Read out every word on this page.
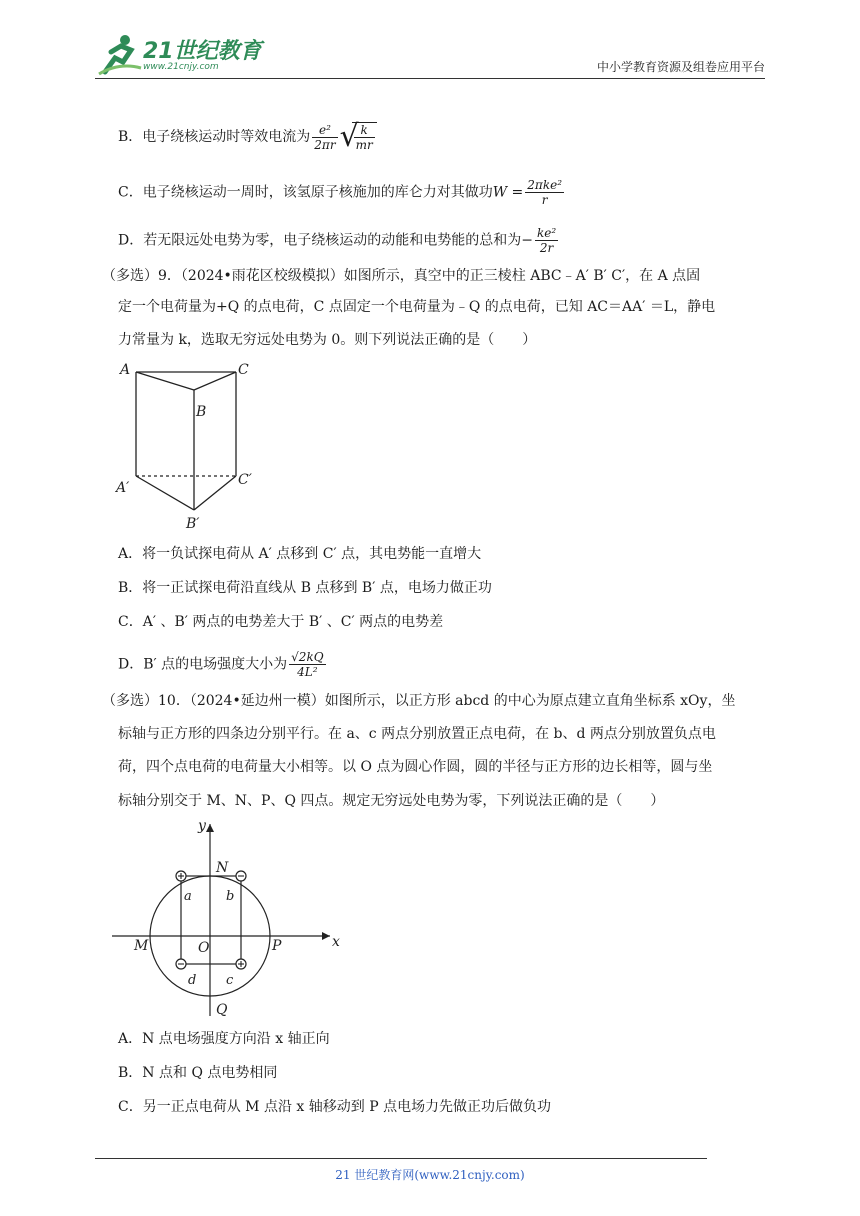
21世纪教育
www.21cnjy.com	中小学教育资源及组卷应用平台
B．电子绕核运动时等效电流为 $\frac{\text{e²}}{2\pi r}$ √
$\frac{k}{mr}$
C．电子绕核运动一周时，该氢原子核施加的库仑力对其做功$W = \frac{\text{2πke²}}{r}$
D．若无限远处电势为零，电子绕核运动的动能和电势能的总和为− $\frac{\text{ke²}}{2r}$
（多选）9．（2024•雨花区校级模拟）如图所示，真空中的正三棱柱 ABC﹣A′ B′ C′，在 A 点固
定一个电荷量为+Q 的点电荷，C 点固定一个电荷量为﹣Q 的点电荷，已知 AC＝AA′ ＝L，静电
力常量为 k，选取无穷远处电势为 0。则下列说法正确的是（　　）
A	C
B
A′	C′
B′
A．将一负试探电荷从 A′ 点移到 C′ 点，其电势能一直增大
B．将一正试探电荷沿直线从 B 点移到 B′ 点，电场力做正功
C．A′ 、B′ 两点的电势差大于 B′ 、C′ 两点的电势差
D．B′ 点的电场强度大小为 $\frac{√2kQ}{\text{4L²}}$
（多选）10．（2024•延边州一模）如图所示，以正方形 abcd 的中心为原点建立直角坐标系 xOy，坐
标轴与正方形的四条边分别平行。在 a、c 两点分别放置正点电荷，在 b、d 两点分别放置负点电
荷，四个点电荷的电荷量大小相等。以 O 点为圆心作圆，圆的半径与正方形的边长相等，圆与坐
标轴分别交于 M、N、P、Q 四点。规定无穷远处电势为零，下列说法正确的是（　　）
y
x
N
M	O	P
Q
a	b
c
d
A．N 点电场强度方向沿 x 轴正向
B．N 点和 Q 点电势相同
C．另一正点电荷从 M 点沿 x 轴移动到 P 点电场力先做正功后做负功
21 世纪教育网(www.21cnjy.com)
